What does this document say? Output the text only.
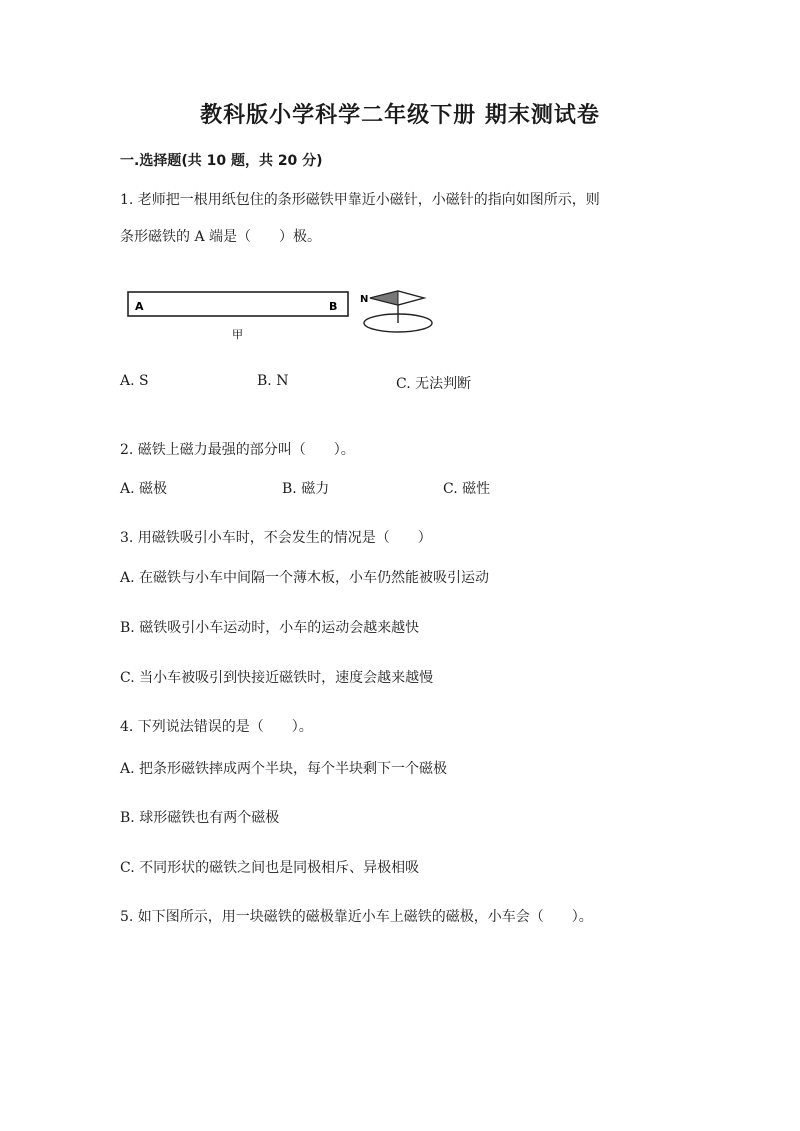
教科版小学科学二年级下册 期末测试卷
一.选择题(共 10 题，共 20 分)
1. 老师把一根用纸包住的条形磁铁甲靠近小磁针，小磁针的指向如图所示，则
条形磁铁的 A 端是（　　）极。
A	B
甲
N
A. S	B. N	C. 无法判断
2. 磁铁上磁力最强的部分叫（　　）。
A. 磁极	B. 磁力	C. 磁性
3. 用磁铁吸引小车时，不会发生的情况是（　　）
A. 在磁铁与小车中间隔一个薄木板，小车仍然能被吸引运动
B. 磁铁吸引小车运动时，小车的运动会越来越快
C. 当小车被吸引到快接近磁铁时，速度会越来越慢
4. 下列说法错误的是（　　）。
A. 把条形磁铁摔成两个半块，每个半块剩下一个磁极
B. 球形磁铁也有两个磁极
C. 不同形状的磁铁之间也是同极相斥、异极相吸
5. 如下图所示，用一块磁铁的磁极靠近小车上磁铁的磁极，小车会（　　）。
